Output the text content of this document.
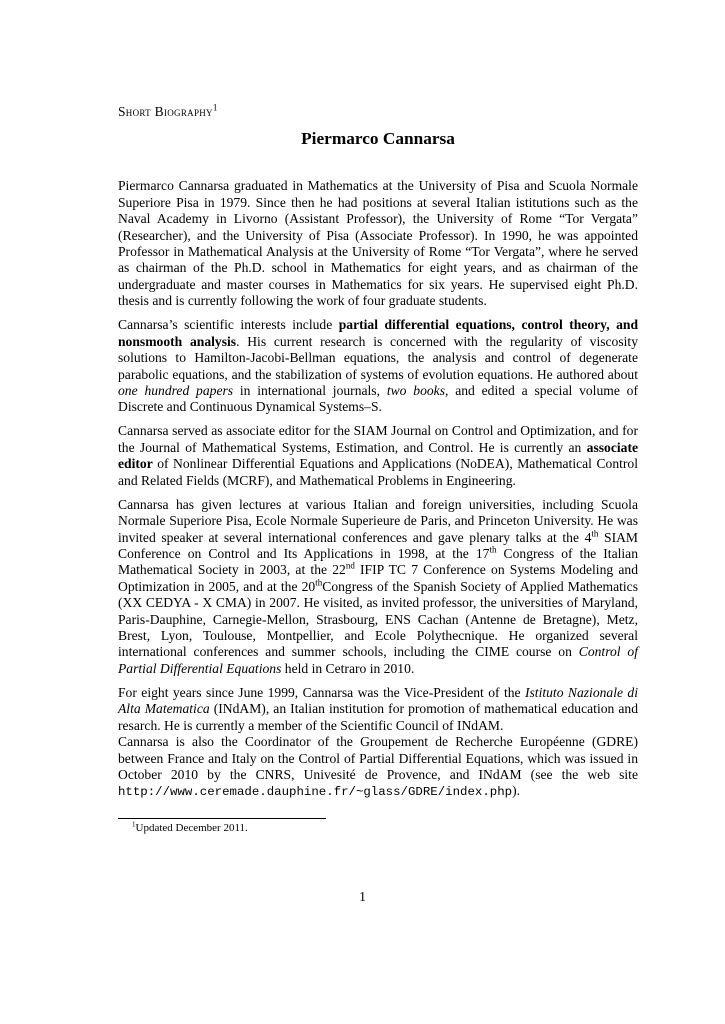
Short Biography$^1$

Piermarco Cannarsa

Piermarco Cannarsa graduated in Mathematics at the University of Pisa and Scuola Normale Superiore Pisa in 1979. Since then he had positions at several Italian istitutions such as the Naval Academy in Livorno (Assistant Professor), the University of Rome “Tor Vergata” (Researcher), and the University of Pisa (Associate Professor). In 1990, he was appointed Professor in Mathematical Analysis at the University of Rome “Tor Vergata”, where he served as chairman of the Ph.D. school in Mathematics for eight years, and as chairman of the undergraduate and master courses in Mathematics for six years. He supervised eight Ph.D. thesis and is currently following the work of four graduate students.

Cannarsa’s scientific interests include partial differential equations, control theory, and nonsmooth analysis. His current research is concerned with the regularity of viscosity solutions to Hamilton-Jacobi-Bellman equations, the analysis and control of degenerate parabolic equations, and the stabilization of systems of evolution equations. He authored about one hundred papers in international journals, two books, and edited a special volume of Discrete and Continuous Dynamical Systems–S.

Cannarsa served as associate editor for the SIAM Journal on Control and Optimization, and for the Journal of Mathematical Systems, Estimation, and Control. He is currently an associate editor of Nonlinear Differential Equations and Applications (NoDEA), Mathematical Control and Related Fields (MCRF), and Mathematical Problems in Engineering.

Cannarsa has given lectures at various Italian and foreign universities, including Scuola Normale Superiore Pisa, Ecole Normale Superieure de Paris, and Princeton University. He was invited speaker at several international conferences and gave plenary talks at the 4th SIAM Conference on Control and Its Applications in 1998, at the 17th Congress of the Italian Mathematical Society in 2003, at the 22nd IFIP TC 7 Conference on Systems Modeling and Optimization in 2005, and at the 20thCongress of the Spanish Society of Applied Mathematics (XX CEDYA - X CMA) in 2007. He visited, as invited professor, the universities of Maryland, Paris-Dauphine, Carnegie-Mellon, Strasbourg, ENS Cachan (Antenne de Bretagne), Metz, Brest, Lyon, Toulouse, Montpellier, and Ecole Polythecnique. He organized several international conferences and summer schools, including the CIME course on Control of Partial Differential Equations held in Cetraro in 2010.

For eight years since June 1999, Cannarsa was the Vice-President of the Istituto Nazionale di Alta Matematica (INdAM), an Italian institution for promotion of mathematical education and resarch. He is currently a member of the Scientific Council of INdAM.

Cannarsa is also the Coordinator of the Groupement de Recherche Européenne (GDRE) between France and Italy on the Control of Partial Differential Equations, which was issued in October 2010 by the CNRS, Univesité de Provence, and INdAM (see the web site http://www.ceremade.dauphine.fr/~glass/GDRE/index.php).

$^1$Updated December 2011.
1
